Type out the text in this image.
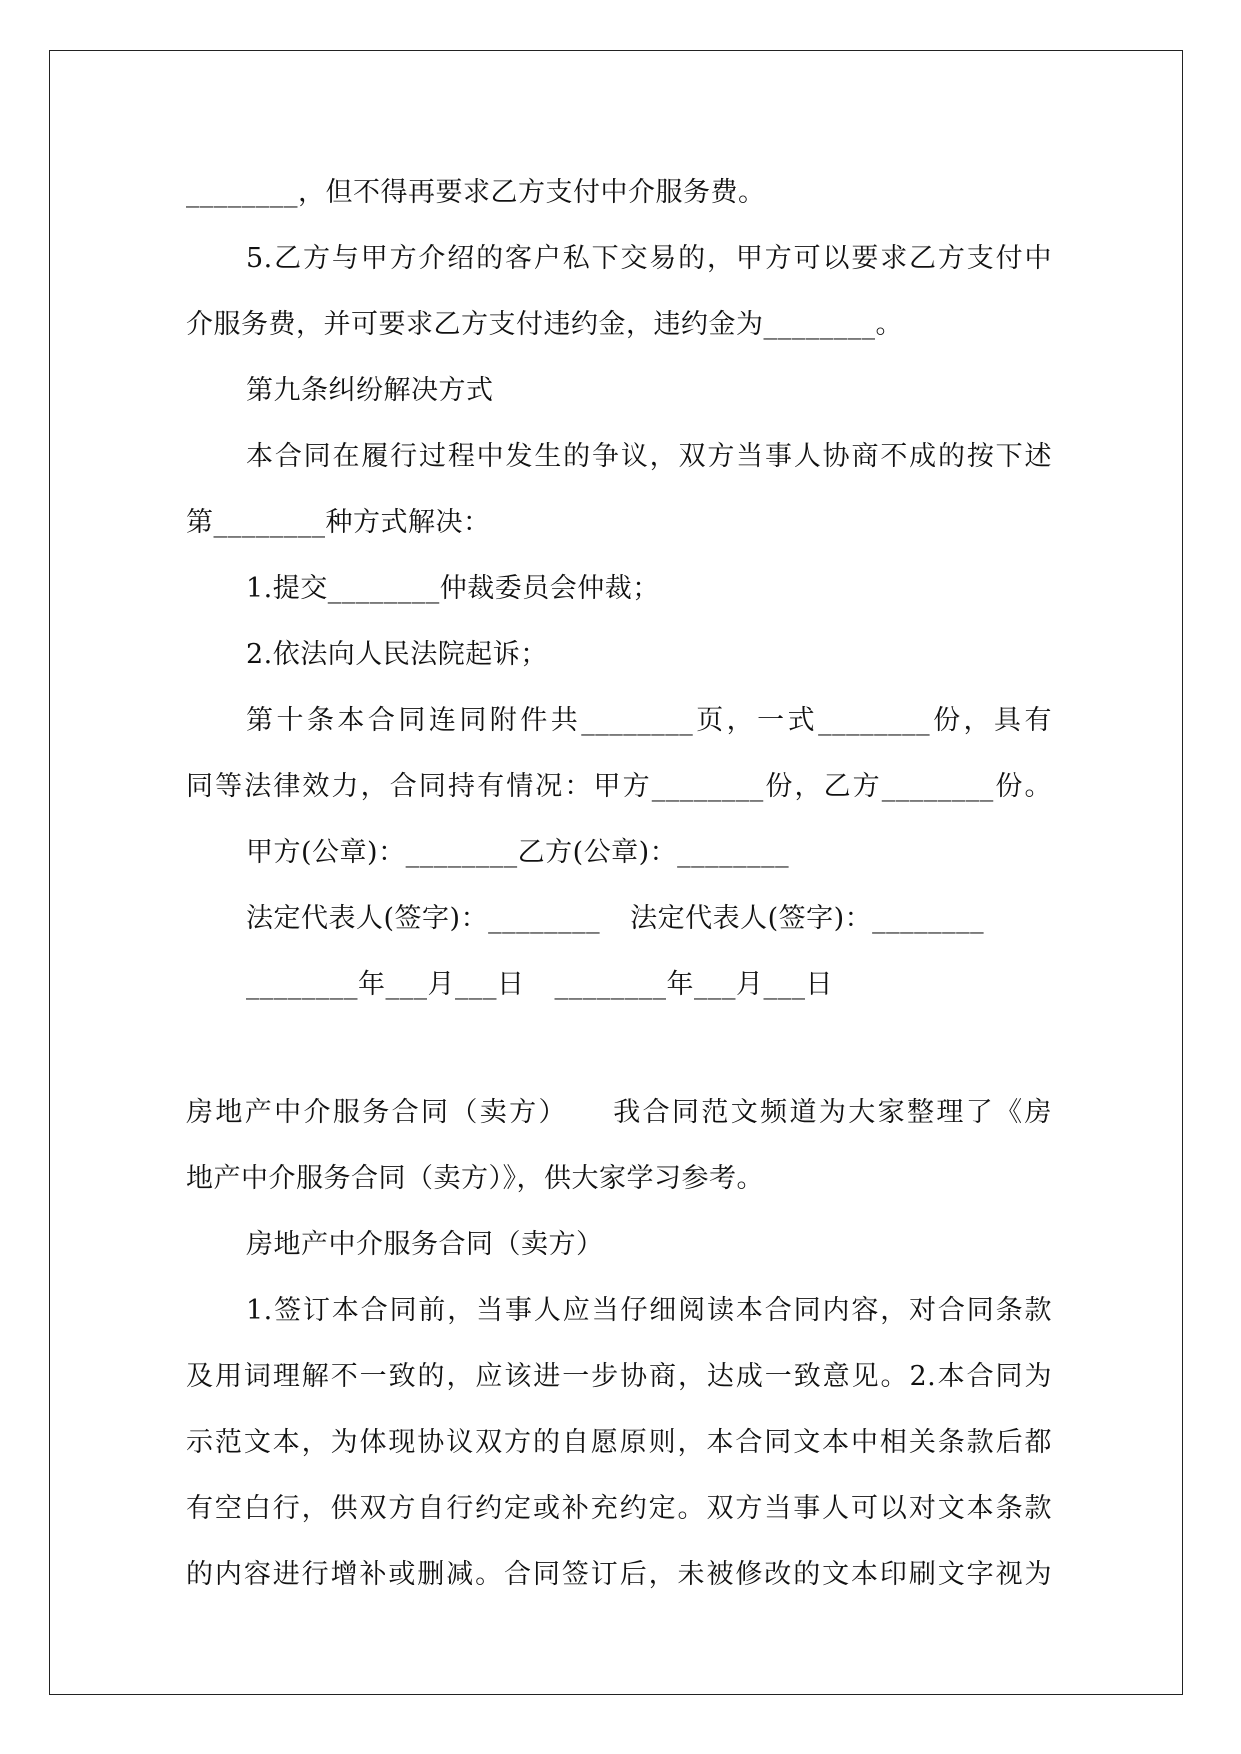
________，但不得再要求乙方支付中介服务费。
5.乙方与甲方介绍的客户私下交易的，甲方可以要求乙方支付中
介服务费，并可要求乙方支付违约金，违约金为________。
第九条纠纷解决方式
本合同在履行过程中发生的争议，双方当事人协商不成的按下述
第________种方式解决：
1.提交________仲裁委员会仲裁；
2.依法向人民法院起诉；
第十条本合同连同附件共________页，一式________份，具有
同等法律效力，合同持有情况：甲方________份，乙方________份。
甲方(公章)：________乙方(公章)：________
法定代表人(签字)：________ 法定代表人(签字)：________
________年___月___日 ________年___月___日
房地产中介服务合同（卖方）　　我合同范文频道为大家整理了《房
地产中介服务合同（卖方）》，供大家学习参考。
房地产中介服务合同（卖方）
1.签订本合同前，当事人应当仔细阅读本合同内容，对合同条款
及用词理解不一致的，应该进一步协商，达成一致意见。2.本合同为
示范文本，为体现协议双方的自愿原则，本合同文本中相关条款后都
有空白行，供双方自行约定或补充约定。双方当事人可以对文本条款
的内容进行增补或删减。合同签订后，未被修改的文本印刷文字视为
